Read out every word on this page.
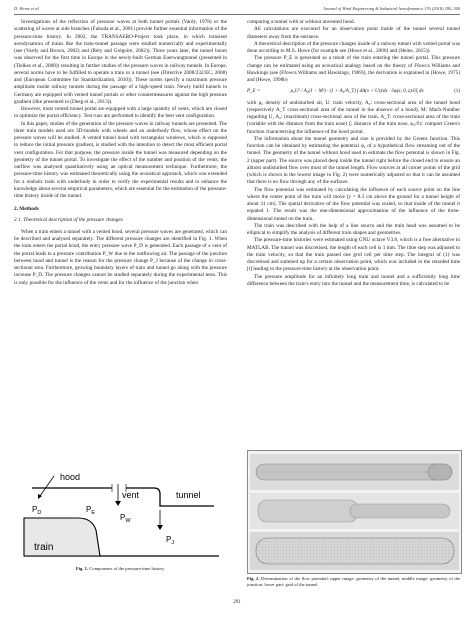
D. Heine et al.	Journal of Wind Engineering & Industrial Aerodynamics 176 (2018) 290–300

Investigations of the reflection of pressure waves at both tunnel portals (Vardy, 1978) or the scattering of waves at side branches (Fukuda et al., 2001) provide further essential information of the pressure-time history. In 2002, the TRANSAERO-Project took place, in which transient aerodynamics of trains like the train-tunnel passage were studied numerically and experimentally (see (Vardy and Brown, 2002) and (Réty and Grégoire, 2002)). Three years later, the tunnel boom was observed for the first time in Europe in the newly-built German Euerwangtunnel (presented in (Tielkes et al., 2008)) resulting in further studies of the pressure waves in railway tunnels. In Europe, several norms have to be fulfilled to operate a train or a tunnel (see (Directive 2008/232/EC, 2008) and (European Committee for Standardization, 2010)). These norms specify a maximum pressure amplitude inside railway tunnels during the passage of a high-speed train. Newly build tunnels in Germany are equipped with vented tunnel portals or other countermeasures against the high pressure gradient (like presented in (Deeg et al., 2013)).

However, most vented tunnel portal are equipped with a large quantity of vents, which are closed to optimize the portal efficiency. Test runs are performed to identify the best vent configuration.

In this paper, studies of the generation of the pressure waves in railway tunnels are presented. The three train models used are 3D-models with wheels and an underbody flow, whose effect on the pressure waves will be studied. A vented tunnel hood with rectangular windows, which is supposed to reduce the initial pressure gradient, is studied with the intention to detect the most efficient portal vent configuration. For that purpose, the pressure inside the tunnel was measured depending on the geometry of the tunnel portal. To investigate the effect of the number and position of the vents, the outflow was analysed quantitatively using an optical measurement technique. Furthermore, the pressure-time history was estimated theoretically using the acoustical approach, which was extended for a realistic train with underbody in order to verify the experimental results and to enhance the knowledge about several empirical parameters, which are essential for the estimation of the pressure-time history inside of the tunnel.

2. Methods
2.1. Theoretical description of the pressure changes

When a train enters a tunnel with a vented hood, several pressure waves are generated, which can be described and analysed separately. The different pressure changes are identified in Fig. 1. When the train enters the portal hood, the entry pressure wave P_D is generated. Each passage of a vent of the portal leads to a pressure contribution P_W due to the outflowing air. The passage of the junction between hood and tunnel is the reason for the pressure change P_J because of the change in cross-sectional area. Furthermore, growing boundary layers of train and tunnel go along with the pressure increase P_D. The pressure changes cannot be studied separately during the experimental tests. This is only possible for the influence of the vents and for the influence of the junction when

hood
vent	tunnel
train
$P_D$	$P_E$	$P_W$
$P_J$
Fig. 1. Components of the pressure-time history.

comparing a tunnel with or without unvented hood.

All calculations are executed for an observation point inside of the tunnel several tunnel diameters away from the entrance.

A theoretical description of the pressure changes inside of a railway tunnel with vented portal was done according to M.S. Howe (for example see (Howe et al., 2006) and (Heine, 2015)).

The pressure P_E is generated as a result of the train entering the tunnel portal. This pressure change can be estimated using an acoustical analogy based on the theory of Ffowcs Williams and Hawkings (see (Ffowcs Williams and Hawkings, 1969)), the derivation is explained in (Howe, 1975) and (Howe, 1998b)

P_E =	ρ₀U² / A₀(1 − M²) · (1 + A₀/A_T) ∫ dA(x + Ut)/dx · ∂φ(x, 0, z)/∂ξ dx	(1)

with ρ₀ density of undisturbed air, U: train velocity, A₀: cross-sectional area of the tunnel hood (respectively A_T cross-sectional area of the tunnel in the absence of a hood), M: Mach-Number regarding U, A₀: (maximum) cross-sectional area of the train, A_T: cross-sectional area of the train (variable with the distance from the train nose) ξ: distance of the train nose, φ₀/∂x: compact Green's function characterising the influence of the hood portal.

The information about the tunnel geometry and size is provided by the Greens function. This function can be obtained by estimating the potential φ₀ of a hypothetical flow streaming out of the tunnel. The geometry of the tunnel without hood used to estimate the flow potential is shown in Fig. 2 (upper part). The source was placed deep inside the tunnel right before the closed end to ensure an almost undisturbed flow over most of the tunnel length. Flow sources at all corner points of the grid (which is shown in the lowest image in Fig. 2) were numerically adjusted so that it can be assumed that there is no flow through any of the surfaces.

The flow potential was estimated by calculating the influence of each source point on the line where the center point of the train will move (y = 8.3 cm above the ground for a tunnel height of about 31 cm). The spatial derivative of the flow potential was scaled, so that inside of the tunnel it equaled 1. The result was the one-dimensional approximation of the influence of the three-dimensional tunnel on the train.

The train was described with the help of a line source and the train head was assumed to be elliptical to simplify the analysis of different train shapes and geometries.

The pressure-time histories were estimated using GNU octave V3.8, which is a free alternative to MATLAB. The tunnel was discretised, the length of each cell is 1 mm. The time step was adjusted to the train velocity, so that the train passed one grid cell per time step. The integral of (1) was discretised and summed up for a certain observation point, which was included in the retarded time [t] leading to the pressure-time history at the observation point.

The pressure amplitude for an infinitely long train and tunnel and a sufficiently long time difference between the train's entry into the tunnel and the measurement time, is calculated to be

Fig. 2. Determination of the flow potential, upper image: geometry of the tunnel, middle image: geometry of the junction, lower part: grid of the tunnel.
291
